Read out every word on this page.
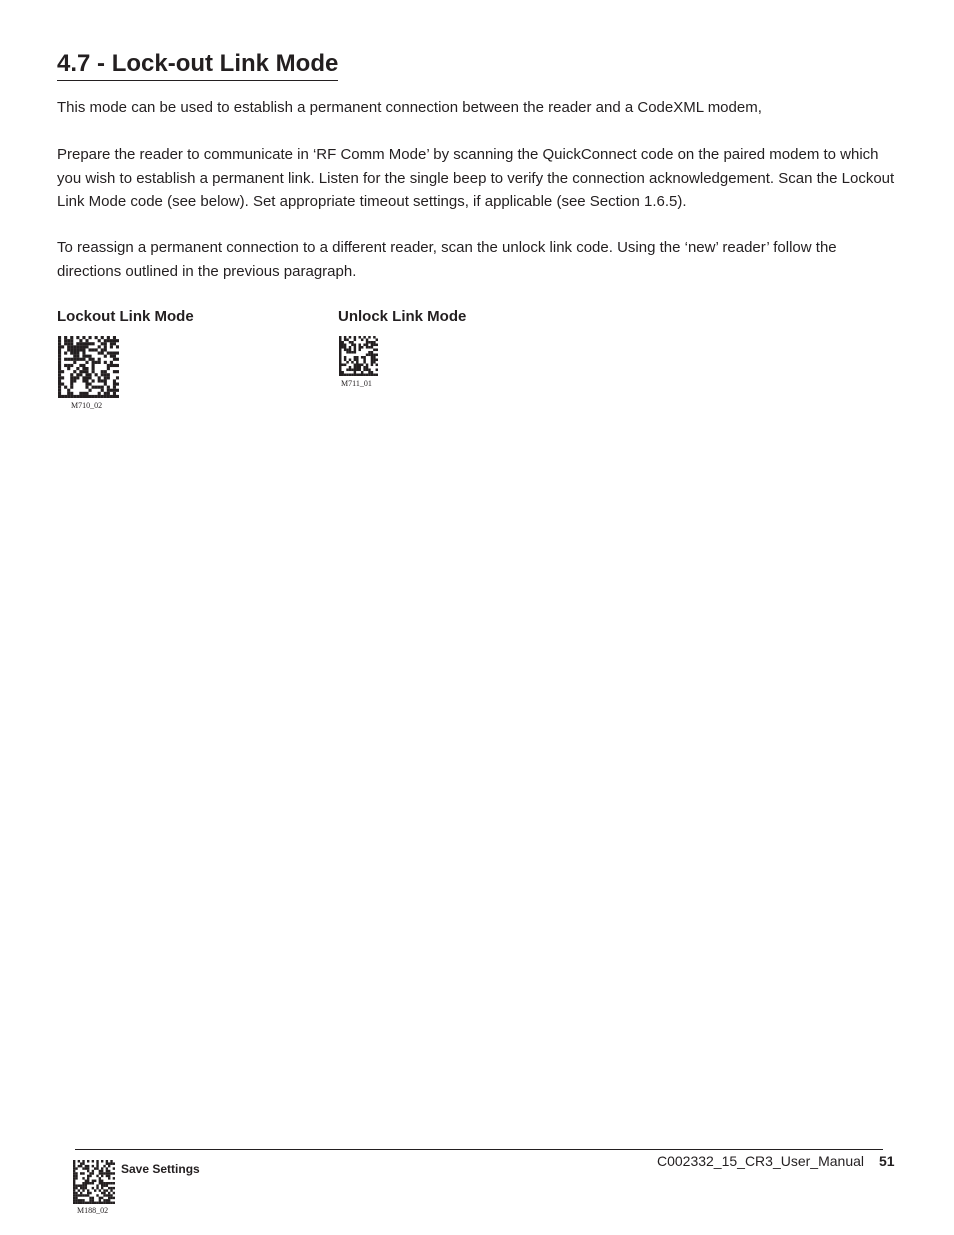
4.7 - Lock-out Link Mode

This mode can be used to establish a permanent connection between the reader and a CodeXML modem,

Prepare the reader to communicate in ‘RF Comm Mode’ by scanning the QuickConnect code on the paired modem to which you wish to establish a permanent link. Listen for the single beep to verify the connection acknowledgement. Scan the Lockout Link Mode code (see below). Set appropriate timeout settings, if applicable (see Section 1.6.5).

To reassign a permanent connection to a different reader, scan the unlock link code. Using the ‘new’ reader’ follow the directions outlined in the previous paragraph.

Lockout Link Mode	Unlock Link Mode
M710_02
M711_01
Save Settings
M188_02
C002332_15_CR3_User_Manual 51
